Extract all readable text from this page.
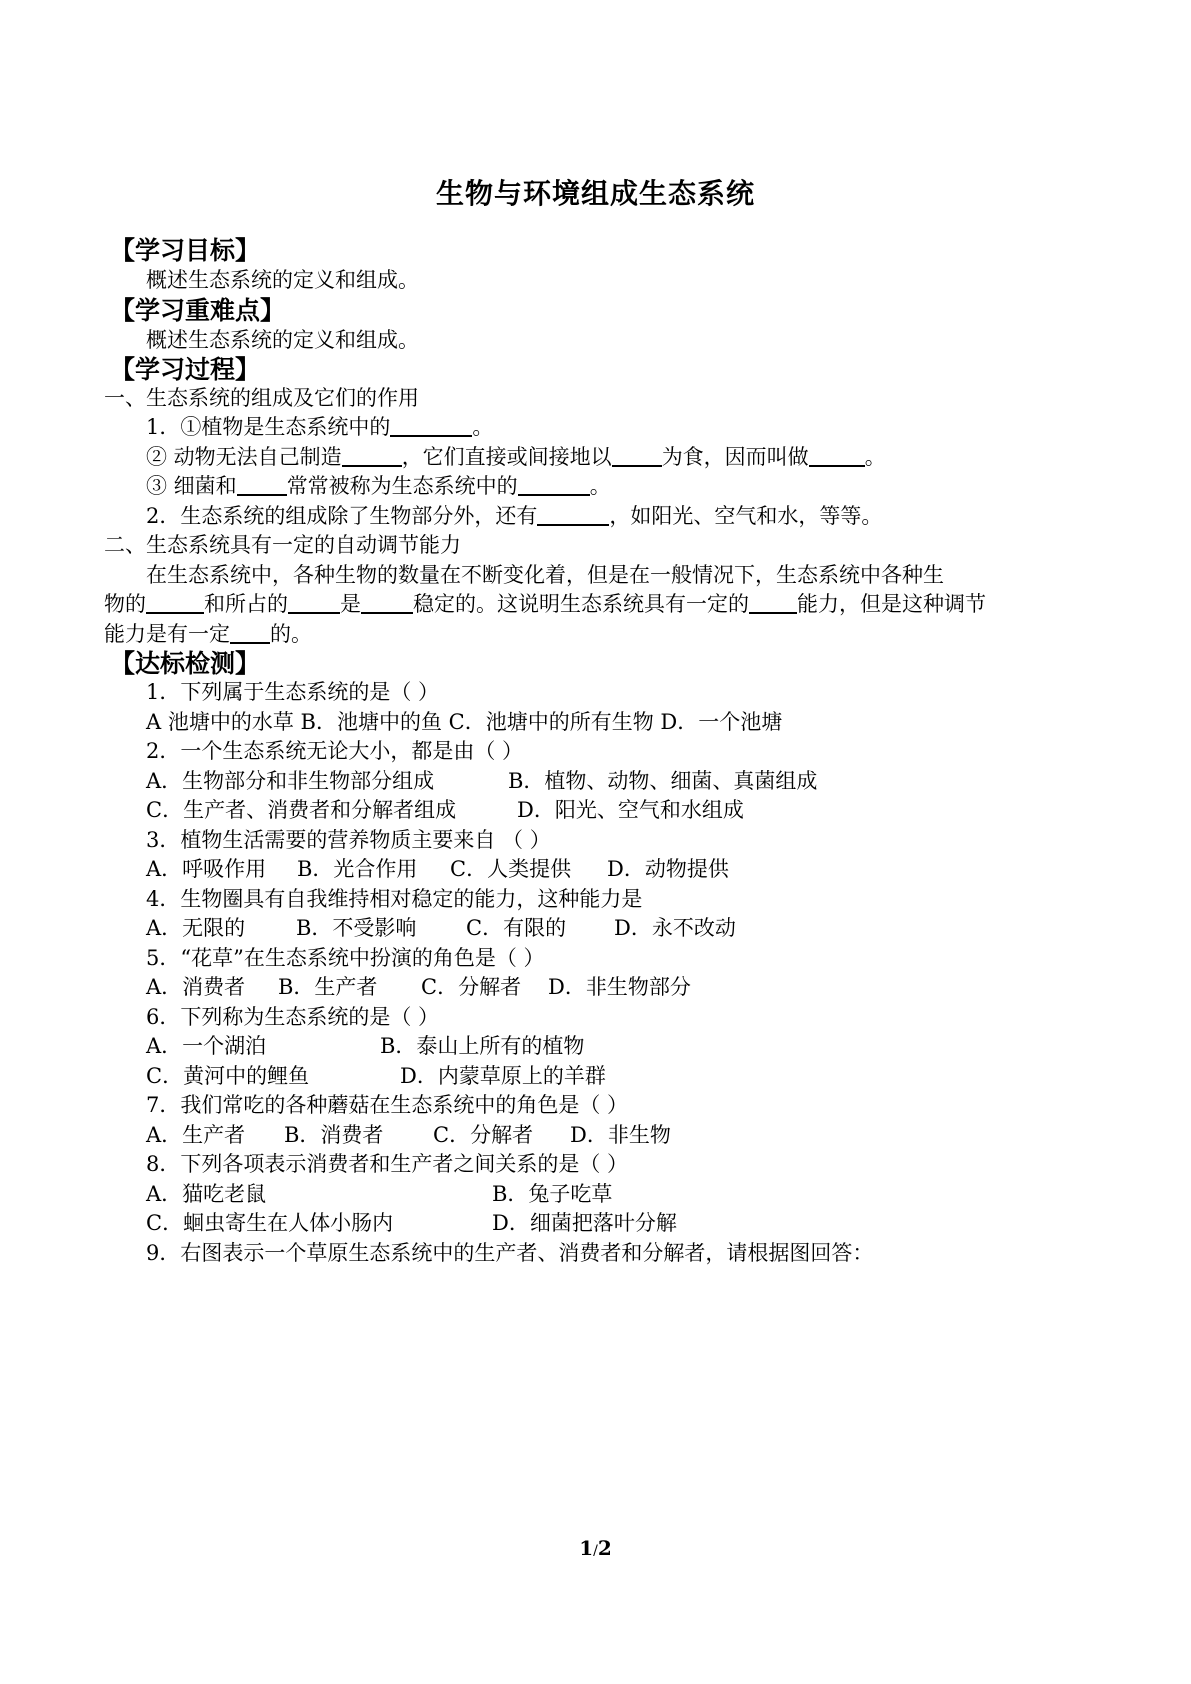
生物与环境组成生态系统
【学习目标】
概述生态系统的定义和组成。
【学习重难点】
概述生态系统的定义和组成。
【学习过程】
一、生态系统的组成及它们的作用
1．①植物是生态系统中的	。
② 动物无法自己制造	，它们直接或间接地以 为食，因而叫做	。
③ 细菌和 常常被称为生态系统中的	。
2．生态系统的组成除了生物部分外，还有	，如阳光、空气和水，等等。
二、生态系统具有一定的自动调节能力
在生态系统中，各种生物的数量在不断变化着，但是在一般情况下，生态系统中各种生
物的	和所占的 是 稳定的。这说明生态系统具有一定的 能力，但是这种调节
能力是有一定 的。
【达标检测】
1．下列属于生态系统的是（ ）
A 池塘中的水草 B．池塘中的鱼 C．池塘中的所有生物 D．一个池塘
2．一个生态系统无论大小，都是由（ ）
A．生物部分和非生物部分组成	B．植物、动物、细菌、真菌组成
C．生产者、消费者和分解者组成	D．阳光、空气和水组成
3．植物生活需要的营养物质主要来自 （ ）
A．呼吸作用 B．光合作用 C．人类提供 D．动物提供
4．生物圈具有自我维持相对稳定的能力，这种能力是
A．无限的 B．不受影响 C．有限的 D．永不改动
5．“花草”在生态系统中扮演的角色是（ ）
A．消费者 B．生产者 C．分解者 D．非生物部分
6．下列称为生态系统的是（ ）
A．一个湖泊	B．泰山上所有的植物
C．黄河中的鲤鱼	D．内蒙草原上的羊群
7．我们常吃的各种蘑菇在生态系统中的角色是（ ）
A．生产者 B．消费者 C．分解者 D．非生物
8．下列各项表示消费者和生产者之间关系的是（ ）
A．猫吃老鼠	B．兔子吃草
C．蛔虫寄生在人体小肠内	D．细菌把落叶分解
9．右图表示一个草原生态系统中的生产者、消费者和分解者，请根据图回答：
1/2
